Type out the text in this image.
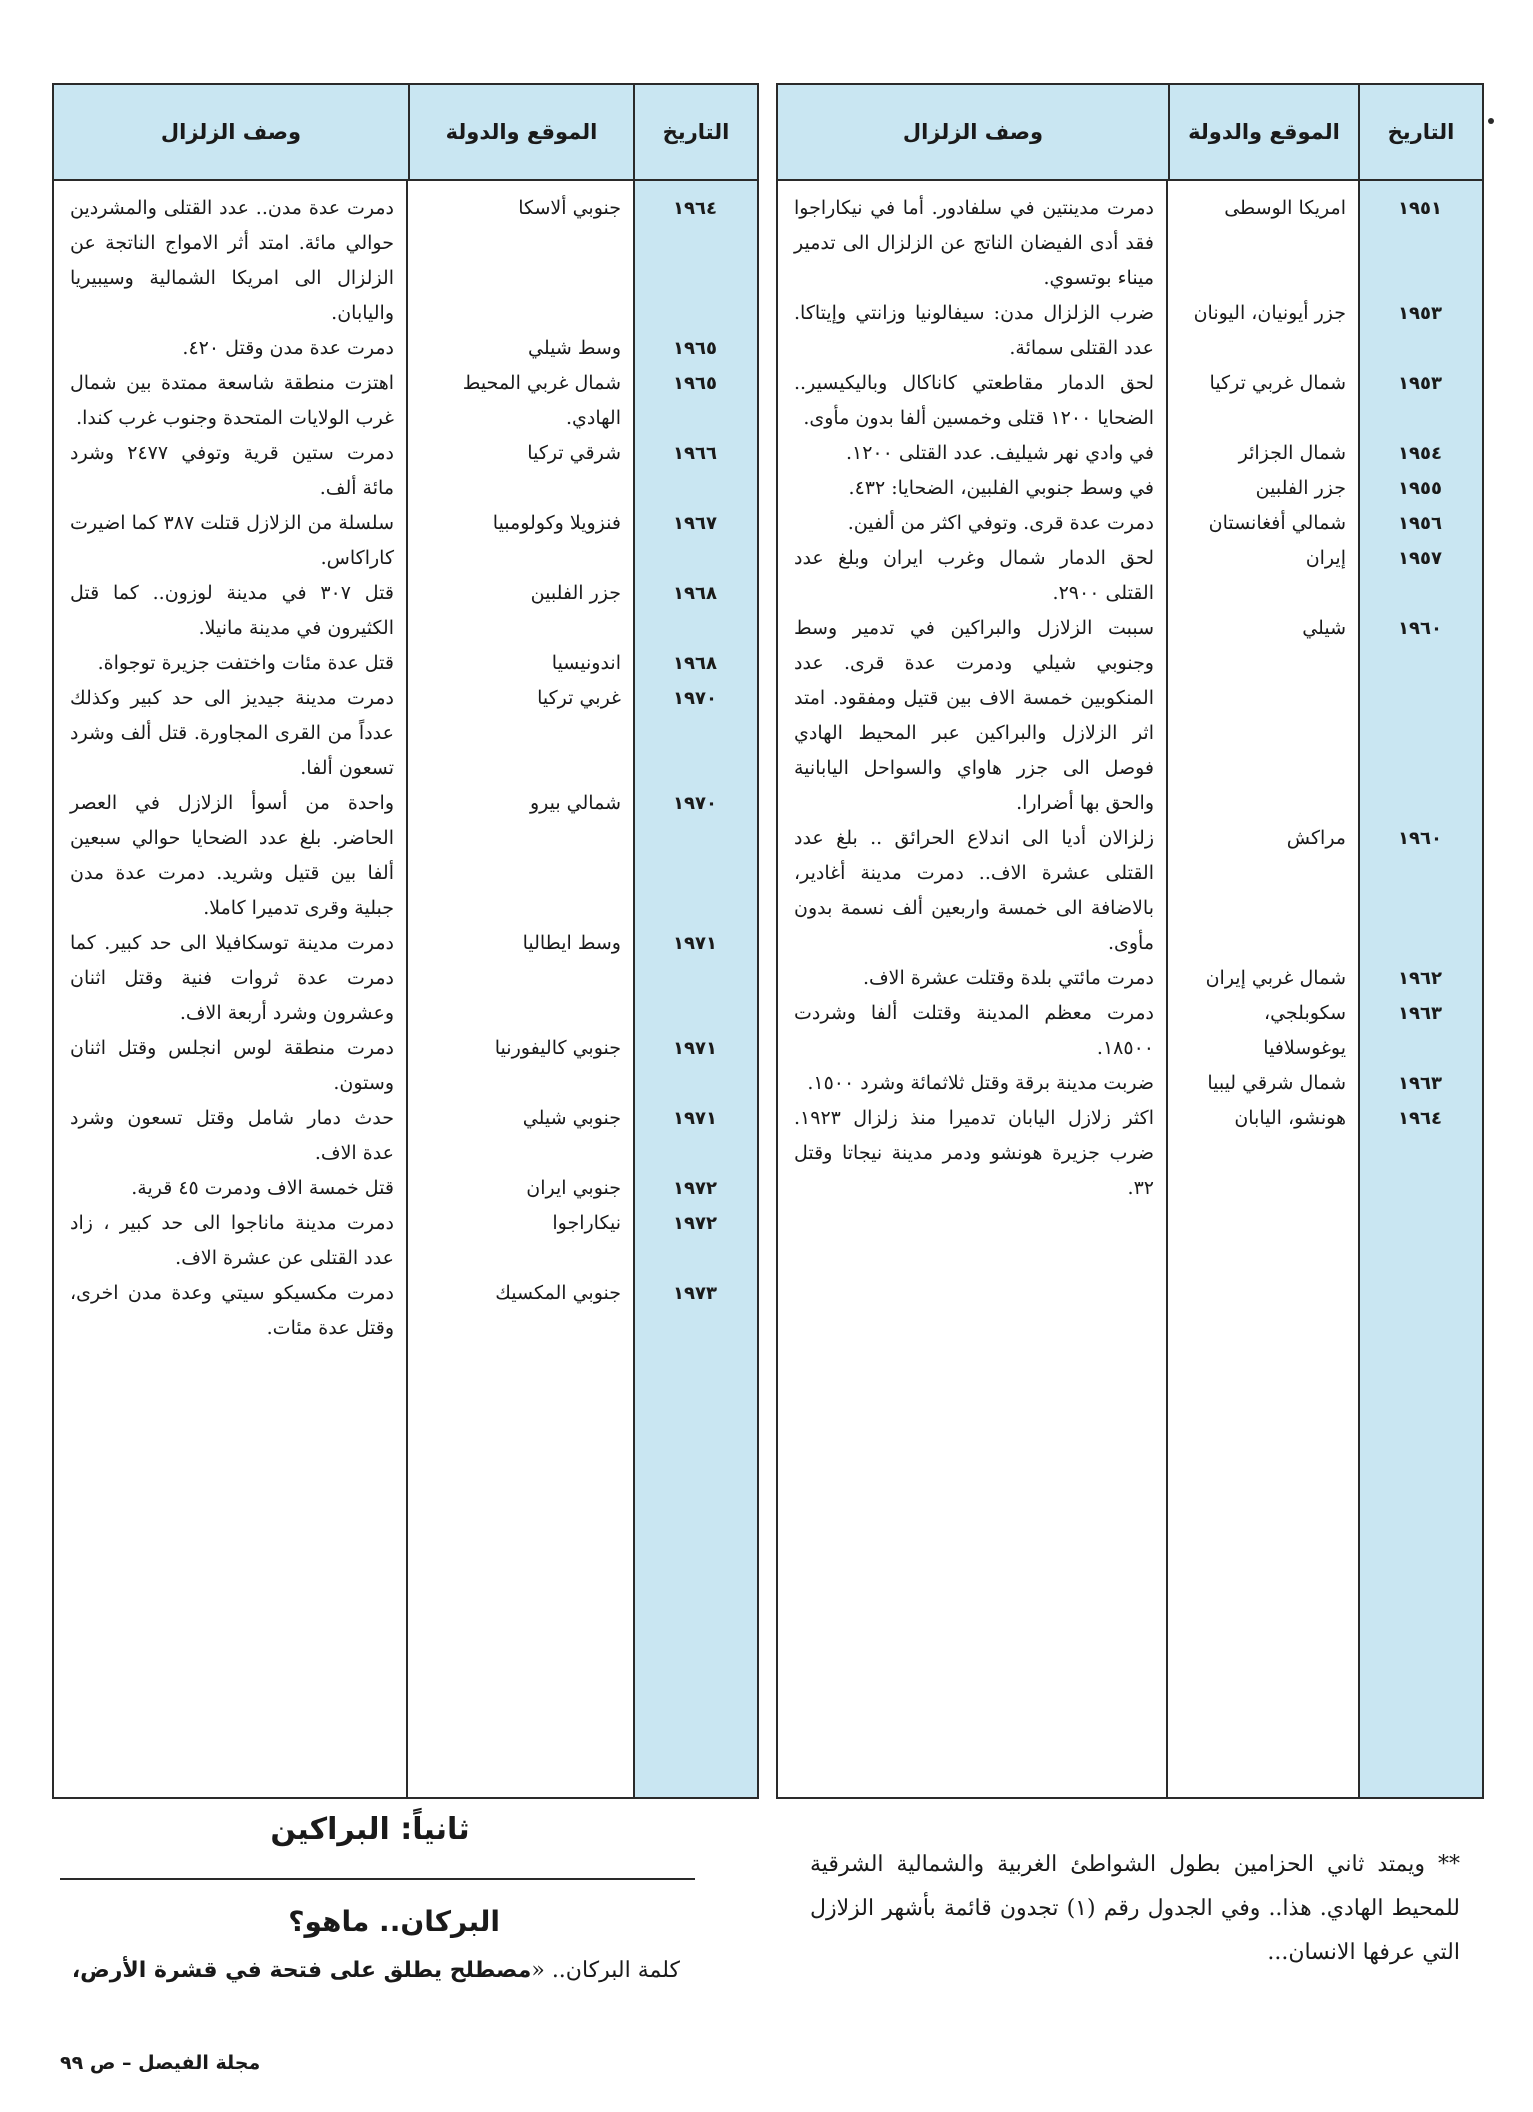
التاريخ
الموقع والدولة
وصف الزلزال
١٩٥١
امريكا الوسطى
دمرت مدينتين في سلفادور. أما في نيكاراجوا فقد أدى الفيضان الناتج عن الزلزال الى تدمير ميناء بوتسوي.
١٩٥٣
جزر أيونيان، اليونان
ضرب الزلزال مدن: سيفالونيا وزانتي وإيتاكا. عدد القتلى سمائة.
١٩٥٣
شمال غربي تركيا
لحق الدمار مقاطعتي كاناكال وباليكيسير.. الضحايا ١٢٠٠ قتلى وخمسين ألفا بدون مأوى.
١٩٥٤
شمال الجزائر
في وادي نهر شيليف. عدد القتلى ١٢٠٠.
١٩٥٥
جزر الفلبين
في وسط جنوبي الفلبين، الضحايا: ٤٣٢.
١٩٥٦
شمالي أفغانستان
دمرت عدة قرى. وتوفي اكثر من ألفين.
١٩٥٧
إيران
لحق الدمار شمال وغرب ايران وبلغ عدد القتلى ٢٩٠٠.
١٩٦٠
شيلي
سببت الزلازل والبراكين في تدمير وسط وجنوبي شيلي ودمرت عدة قرى. عدد المنكوبين خمسة الاف بين قتيل ومفقود. امتد اثر الزلازل والبراكين عبر المحيط الهادي فوصل الى جزر هاواي والسواحل اليابانية والحق بها أضرارا.
١٩٦٠
مراكش
زلزالان أديا الى اندلاع الحرائق .. بلغ عدد القتلى عشرة الاف.. دمرت مدينة أغادير، بالاضافة الى خمسة واربعين ألف نسمة بدون مأوى.
١٩٦٢
شمال غربي إيران
دمرت مائتي بلدة وقتلت عشرة الاف.
١٩٦٣
سكوبلجي، يوغوسلافيا
دمرت معظم المدينة وقتلت ألفا وشردت ١٨٥٠٠.
١٩٦٣
شمال شرقي ليبيا
ضربت مدينة برقة وقتل ثلاثمائة وشرد ١٥٠٠.
١٩٦٤
هونشو، اليابان
اكثر زلازل اليابان تدميرا منذ زلزال ١٩٢٣. ضرب جزيرة هونشو ودمر مدينة نيجاتا وقتل ٣٢.
التاريخ
الموقع والدولة
وصف الزلزال
١٩٦٤
جنوبي ألاسكا
دمرت عدة مدن.. عدد القتلى والمشردين حوالي مائة. امتد أثر الامواج الناتجة عن الزلزال الى امريكا الشمالية وسيبيريا واليابان.
١٩٦٥
وسط شيلي
دمرت عدة مدن وقتل ٤٢٠.
١٩٦٥
شمال غربي المحيط الهادي.
اهتزت منطقة شاسعة ممتدة بين شمال غرب الولايات المتحدة وجنوب غرب كندا.
١٩٦٦
شرقي تركيا
دمرت ستين قرية وتوفي ٢٤٧٧ وشرد مائة ألف.
١٩٦٧
فنزويلا وكولومبيا
سلسلة من الزلازل قتلت ٣٨٧ كما اضيرت كاراكاس.
١٩٦٨
جزر الفلبين
قتل ٣٠٧ في مدينة لوزون.. كما قتل الكثيرون في مدينة مانيلا.
١٩٦٨
اندونيسيا
قتل عدة مئات واختفت جزيرة توجواة.
١٩٧٠
غربي تركيا
دمرت مدينة جيديز الى حد كبير وكذلك عدداً من القرى المجاورة. قتل ألف وشرد تسعون ألفا.
١٩٧٠
شمالي بيرو
واحدة من أسوأ الزلازل في العصر الحاضر. بلغ عدد الضحايا حوالي سبعين ألفا بين قتيل وشريد. دمرت عدة مدن جبلية وقرى تدميرا كاملا.
١٩٧١
وسط ايطاليا
دمرت مدينة توسكافيلا الى حد كبير. كما دمرت عدة ثروات فنية وقتل اثنان وعشرون وشرد أربعة الاف.
١٩٧١
جنوبي كاليفورنيا
دمرت منطقة لوس انجلس وقتل اثنان وستون.
١٩٧١
جنوبي شيلي
حدث دمار شامل وقتل تسعون وشرد عدة الاف.
١٩٧٢
جنوبي ايران
قتل خمسة الاف ودمرت ٤٥ قرية.
١٩٧٢
نيكاراجوا
دمرت مدينة ماناجوا الى حد كبير ، زاد عدد القتلى عن عشرة الاف.
١٩٧٣
جنوبي المكسيك
دمرت مكسيكو سيتي وعدة مدن اخرى، وقتل عدة مئات.
** ويمتد ثاني الحزامين بطول الشواطئ الغربية والشمالية الشرقية للمحيط الهادي. هذا.. وفي الجدول رقم (١) تجدون قائمة بأشهر الزلازل التي عرفها الانسان...
ثانياً: البراكين
البركان.. ماهو؟
كلمة البركان.. «مصطلح يطلق على فتحة في قشرة الأرض،
مجلة الفيصل – ص ٩٩
